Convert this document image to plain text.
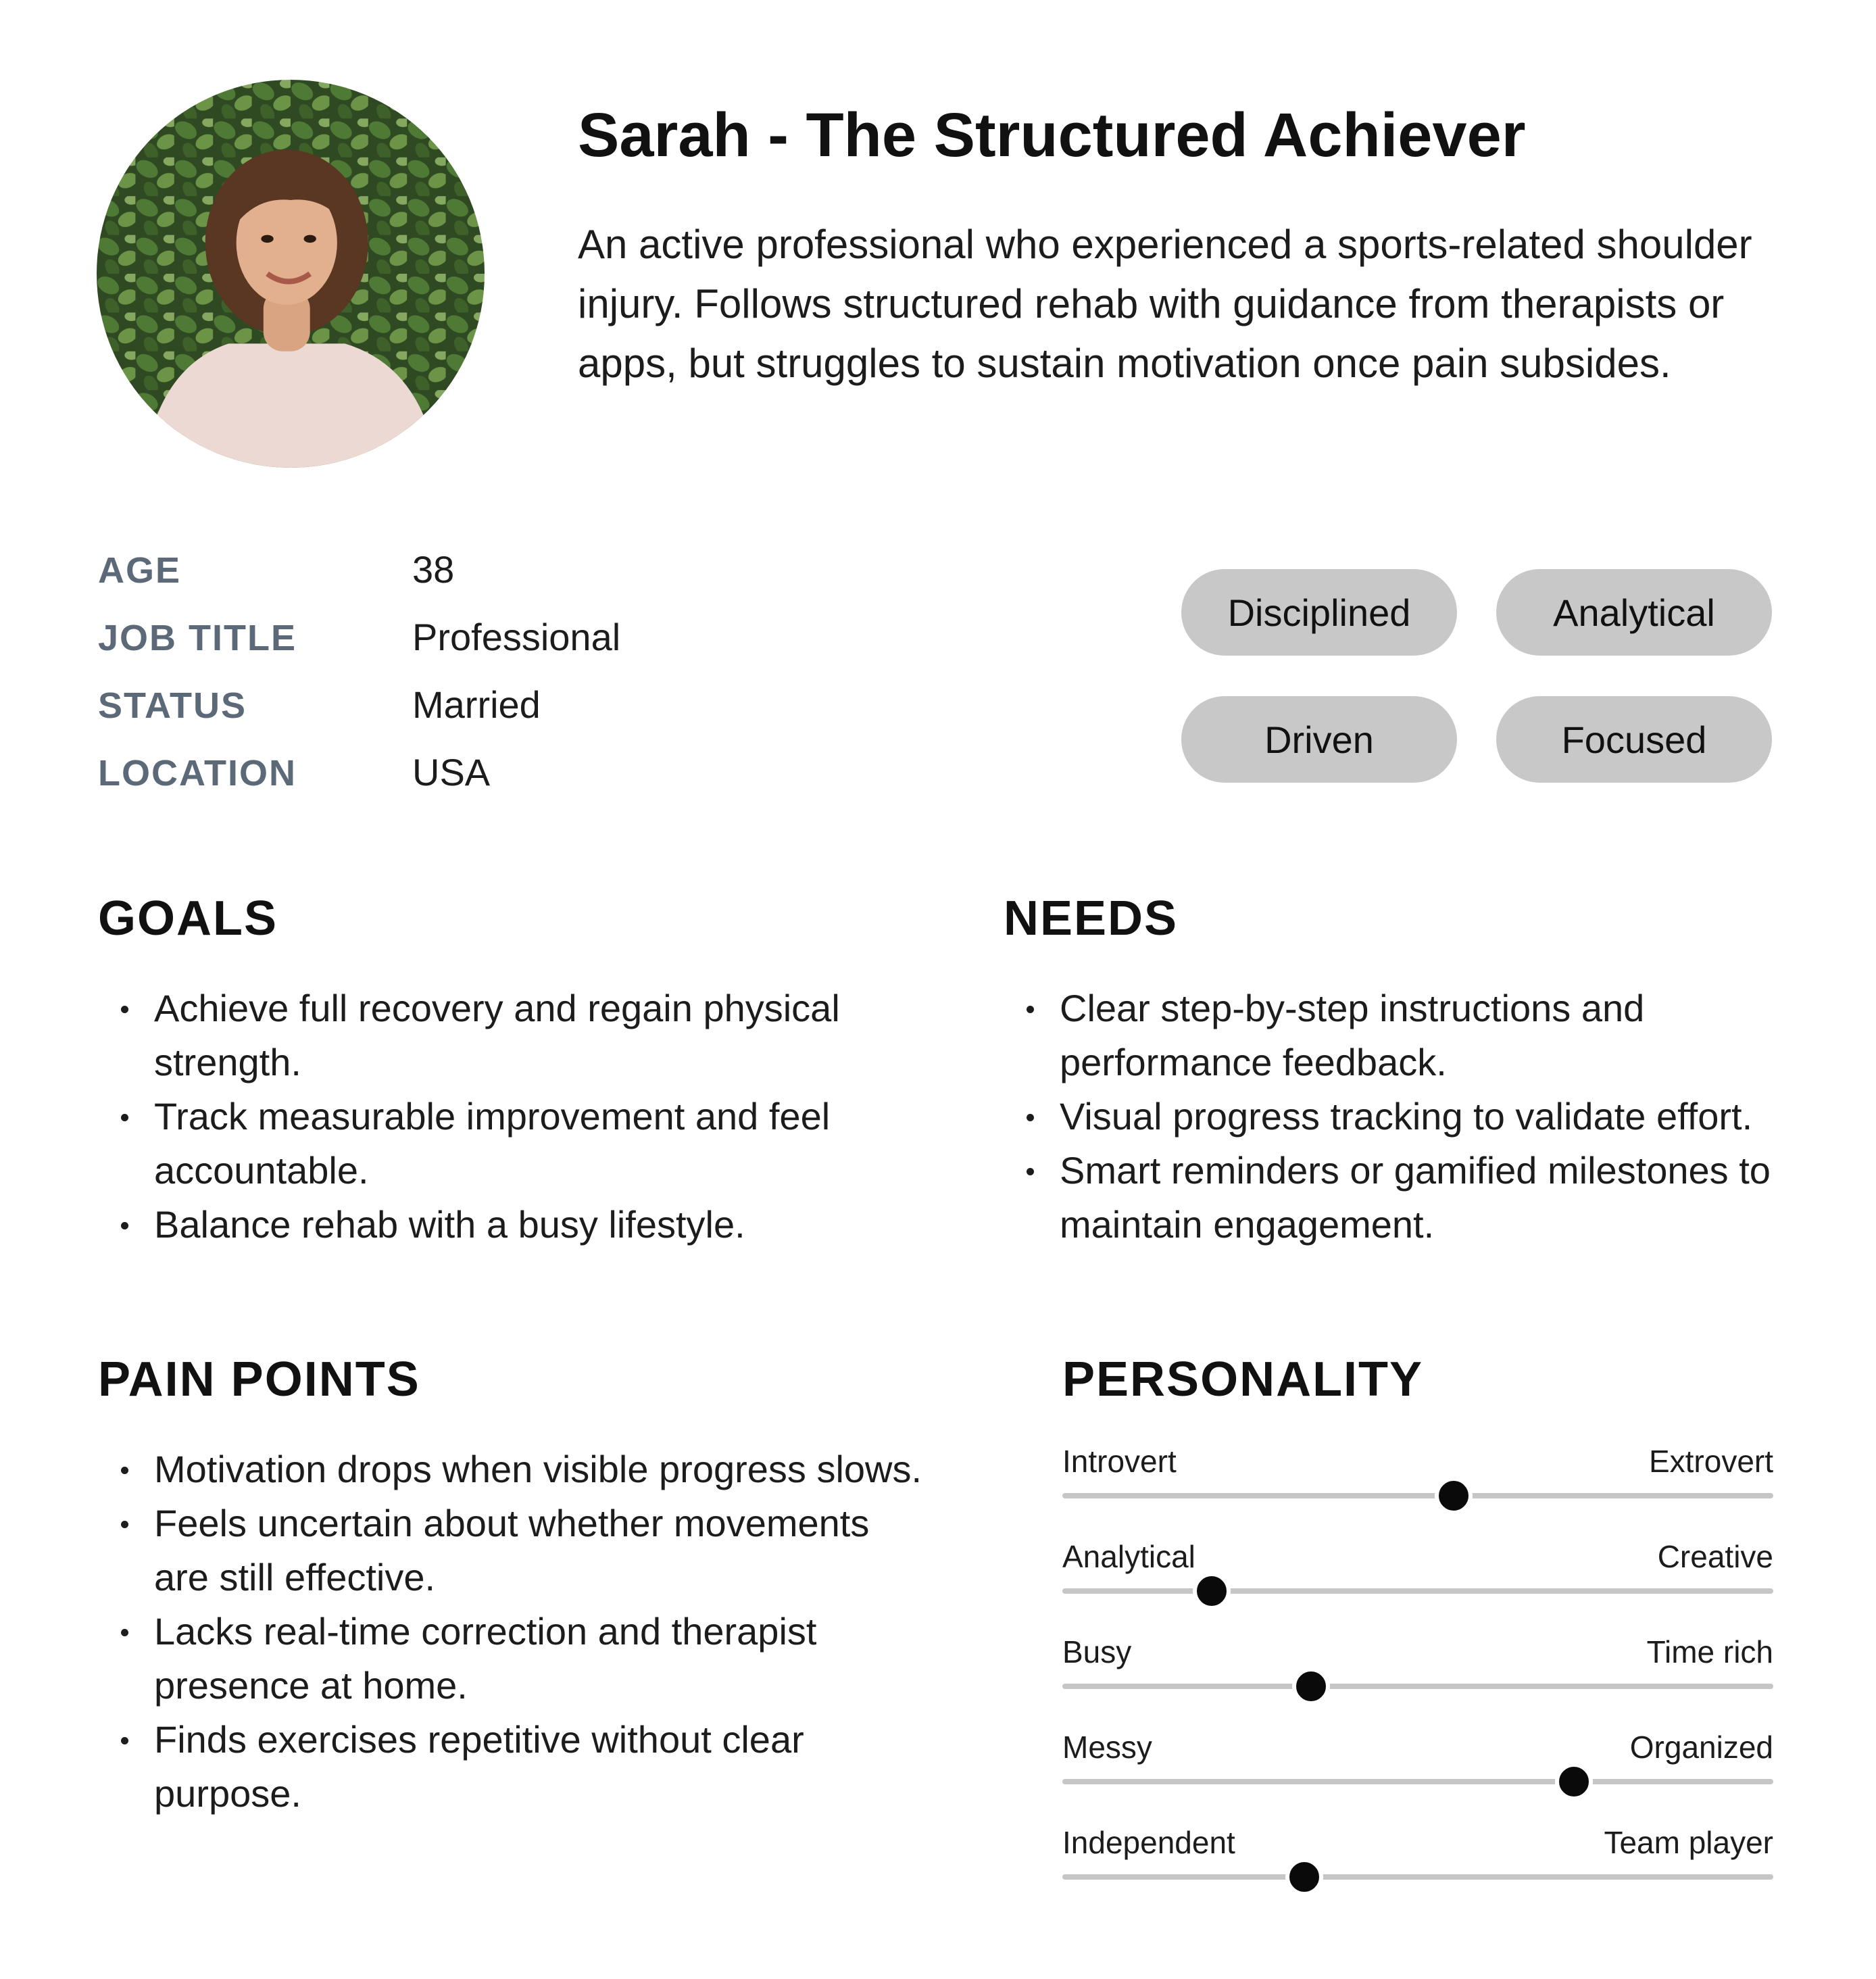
Sarah - The Structured Achiever

An active professional who experienced a sports-related shoulder injury. Follows structured rehab with guidance from therapists or apps, but struggles to sustain motivation once pain subsides.

AGE	38
JOB TITLE	Professional
STATUS	Married
LOCATION	USA
Disciplined	Analytical
Driven	Focused
GOALS
Achieve full recovery and regain physical strength.
Track measurable improvement and feel accountable.
Balance rehab with a busy lifestyle.
NEEDS
Clear step-by-step instructions and performance feedback.
Visual progress tracking to validate effort.
Smart reminders or gamified milestones to maintain engagement.
PAIN POINTS
Motivation drops when visible progress slows.
Feels uncertain about whether movements are still effective.
Lacks real-time correction and therapist presence at home.
Finds exercises repetitive without clear purpose.
PERSONALITY
Introvert	Extrovert
Analytical	Creative
Busy	Time rich
Messy	Organized
Independent	Team player
